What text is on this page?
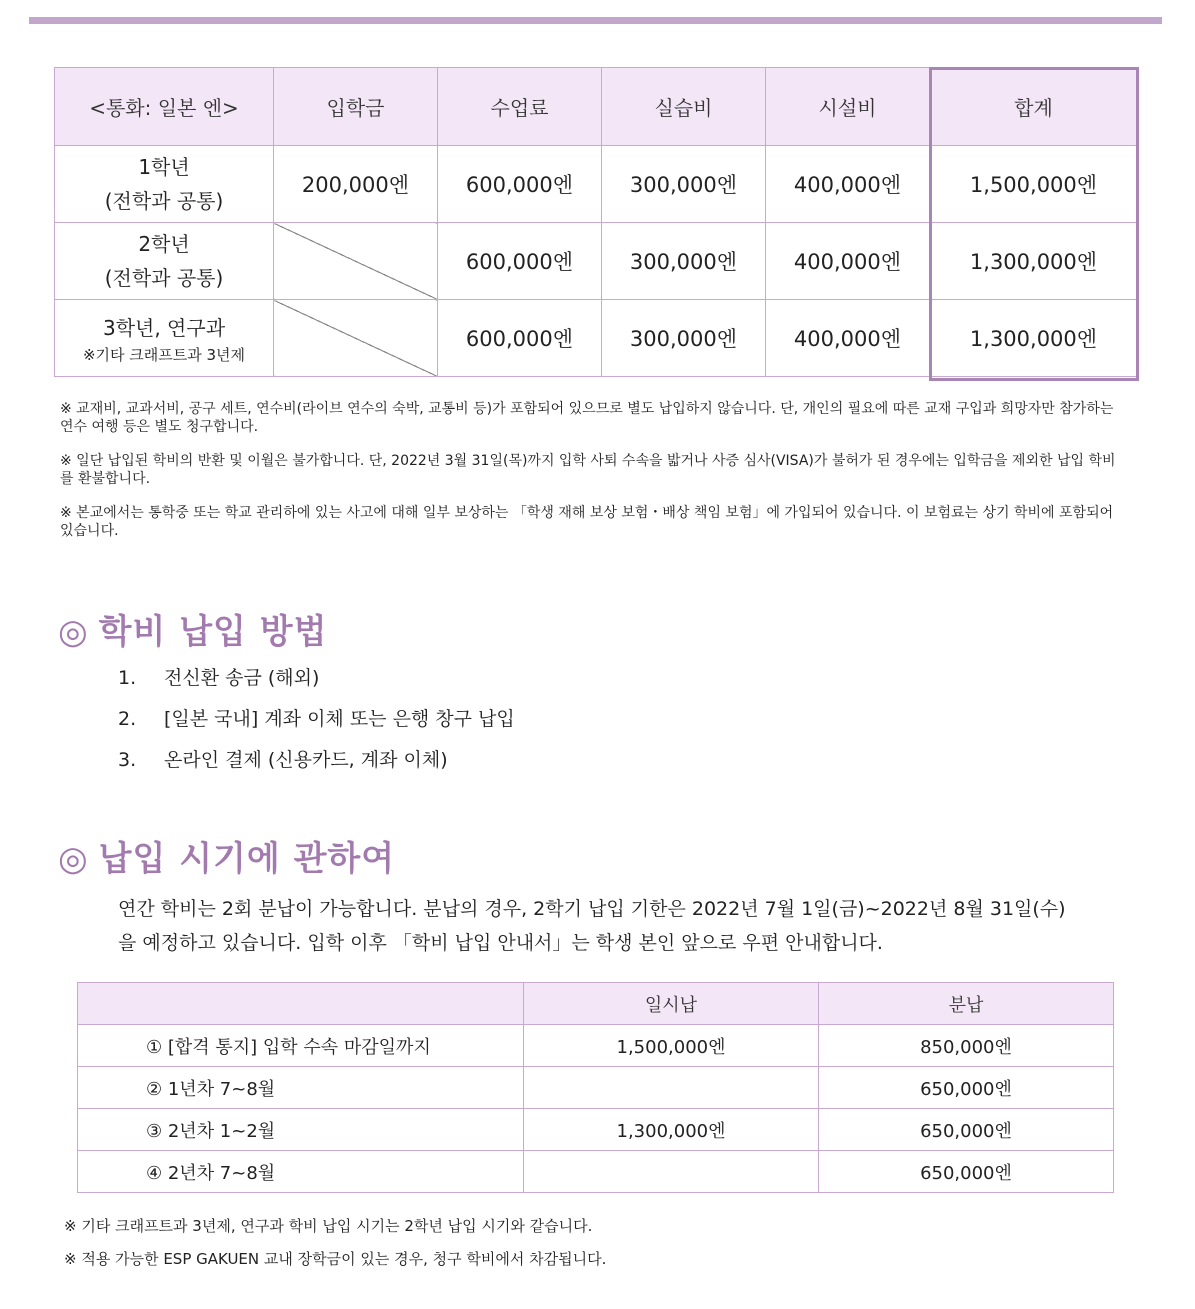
<통화: 일본 엔>	입학금	수업료	실습비	시설비	합계
1학년
(전학과 공통)	200,000엔	600,000엔	300,000엔	400,000엔	1,500,000엔
2학년
(전학과 공통)		600,000엔	300,000엔	400,000엔	1,300,000엔
3학년, 연구과
※기타 크래프트과 3년제		600,000엔	300,000엔	400,000엔	1,300,000엔

※ 교재비, 교과서비, 공구 세트, 연수비(라이브 연수의 숙박, 교통비 등)가 포함되어 있으므로 별도 납입하지 않습니다. 단, 개인의 필요에 따른 교재 구입과 희망자만 참가하는 연수 여행 등은 별도 청구합니다.

※ 일단 납입된 학비의 반환 및 이월은 불가합니다. 단, 2022년 3월 31일(목)까지 입학 사퇴 수속을 밟거나 사증 심사(VISA)가 불허가 된 경우에는 입학금을 제외한 납입 학비를 환불합니다.

※ 본교에서는 통학중 또는 학교 관리하에 있는 사고에 대해 일부 보상하는 「학생 재해 보상 보험・배상 책임 보험」에 가입되어 있습니다. 이 보험료는 상기 학비에 포함되어 있습니다.

◎ 학비 납입 방법
1. 전신환 송금 (해외)
2. [일본 국내] 계좌 이체 또는 은행 창구 납입
3. 온라인 결제 (신용카드, 계좌 이체)
◎ 납입 시기에 관하여
연간 학비는 2회 분납이 가능합니다. 분납의 경우, 2학기 납입 기한은 2022년 7월 1일(금)~2022년 8월 31일(수) 을 예정하고 있습니다. 입학 이후 「학비 납입 안내서」는 학생 본인 앞으로 우편 안내합니다.
	일시납	분납
① [합격 통지] 입학 수속 마감일까지	1,500,000엔	850,000엔
② 1년차 7~8월		650,000엔
③ 2년차 1~2월	1,300,000엔	650,000엔
④ 2년차 7~8월		650,000엔

※ 기타 크래프트과 3년제, 연구과 학비 납입 시기는 2학년 납입 시기와 같습니다.

※ 적용 가능한 ESP GAKUEN 교내 장학금이 있는 경우, 청구 학비에서 차감됩니다.
